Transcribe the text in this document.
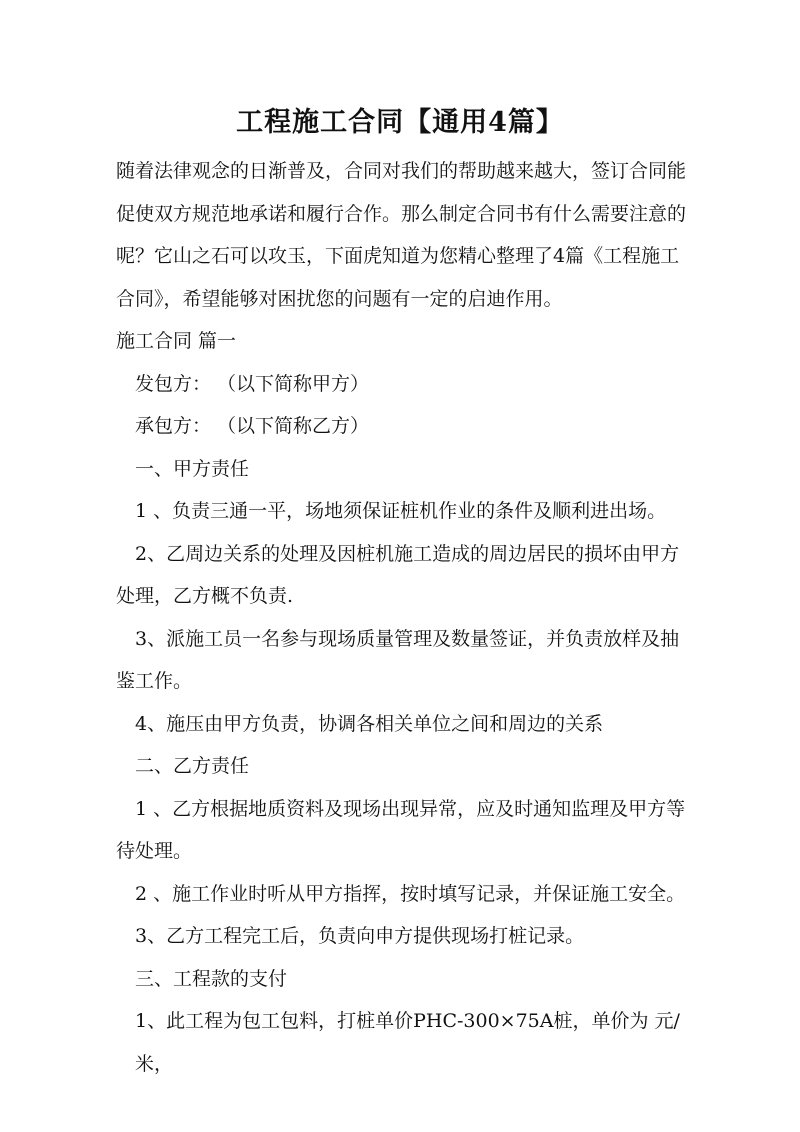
工程施工合同【通用4篇】

随着法律观念的日渐普及，合同对我们的帮助越来越大，签订合同能促使双方规范地承诺和履行合作。那么制定合同书有什么需要注意的呢？它山之石可以攻玉，下面虎知道为您精心整理了4篇《工程施工合同》，希望能够对困扰您的问题有一定的启迪作用。

施工合同 篇一

发包方： （以下简称甲方）

承包方： （以下简称乙方）

一、甲方责任

1 、负责三通一平，场地须保证桩机作业的条件及顺利进出场。

2、乙周边关系的处理及因桩机施工造成的周边居民的损坏由甲方处理，乙方概不负责.

3、派施工员一名参与现场质量管理及数量签证，并负责放样及抽鉴工作。

4、施压由甲方负责，协调各相关单位之间和周边的关系

二、乙方责任

1 、乙方根据地质资料及现场出现异常，应及时通知监理及甲方等待处理。

2 、施工作业时听从甲方指挥，按时填写记录，并保证施工安全。

3、乙方工程完工后，负责向申方提供现场打桩记录。

三、工程款的支付

1、此工程为包工包料，打桩单价PHC-300×75A桩，单价为 元/米，
